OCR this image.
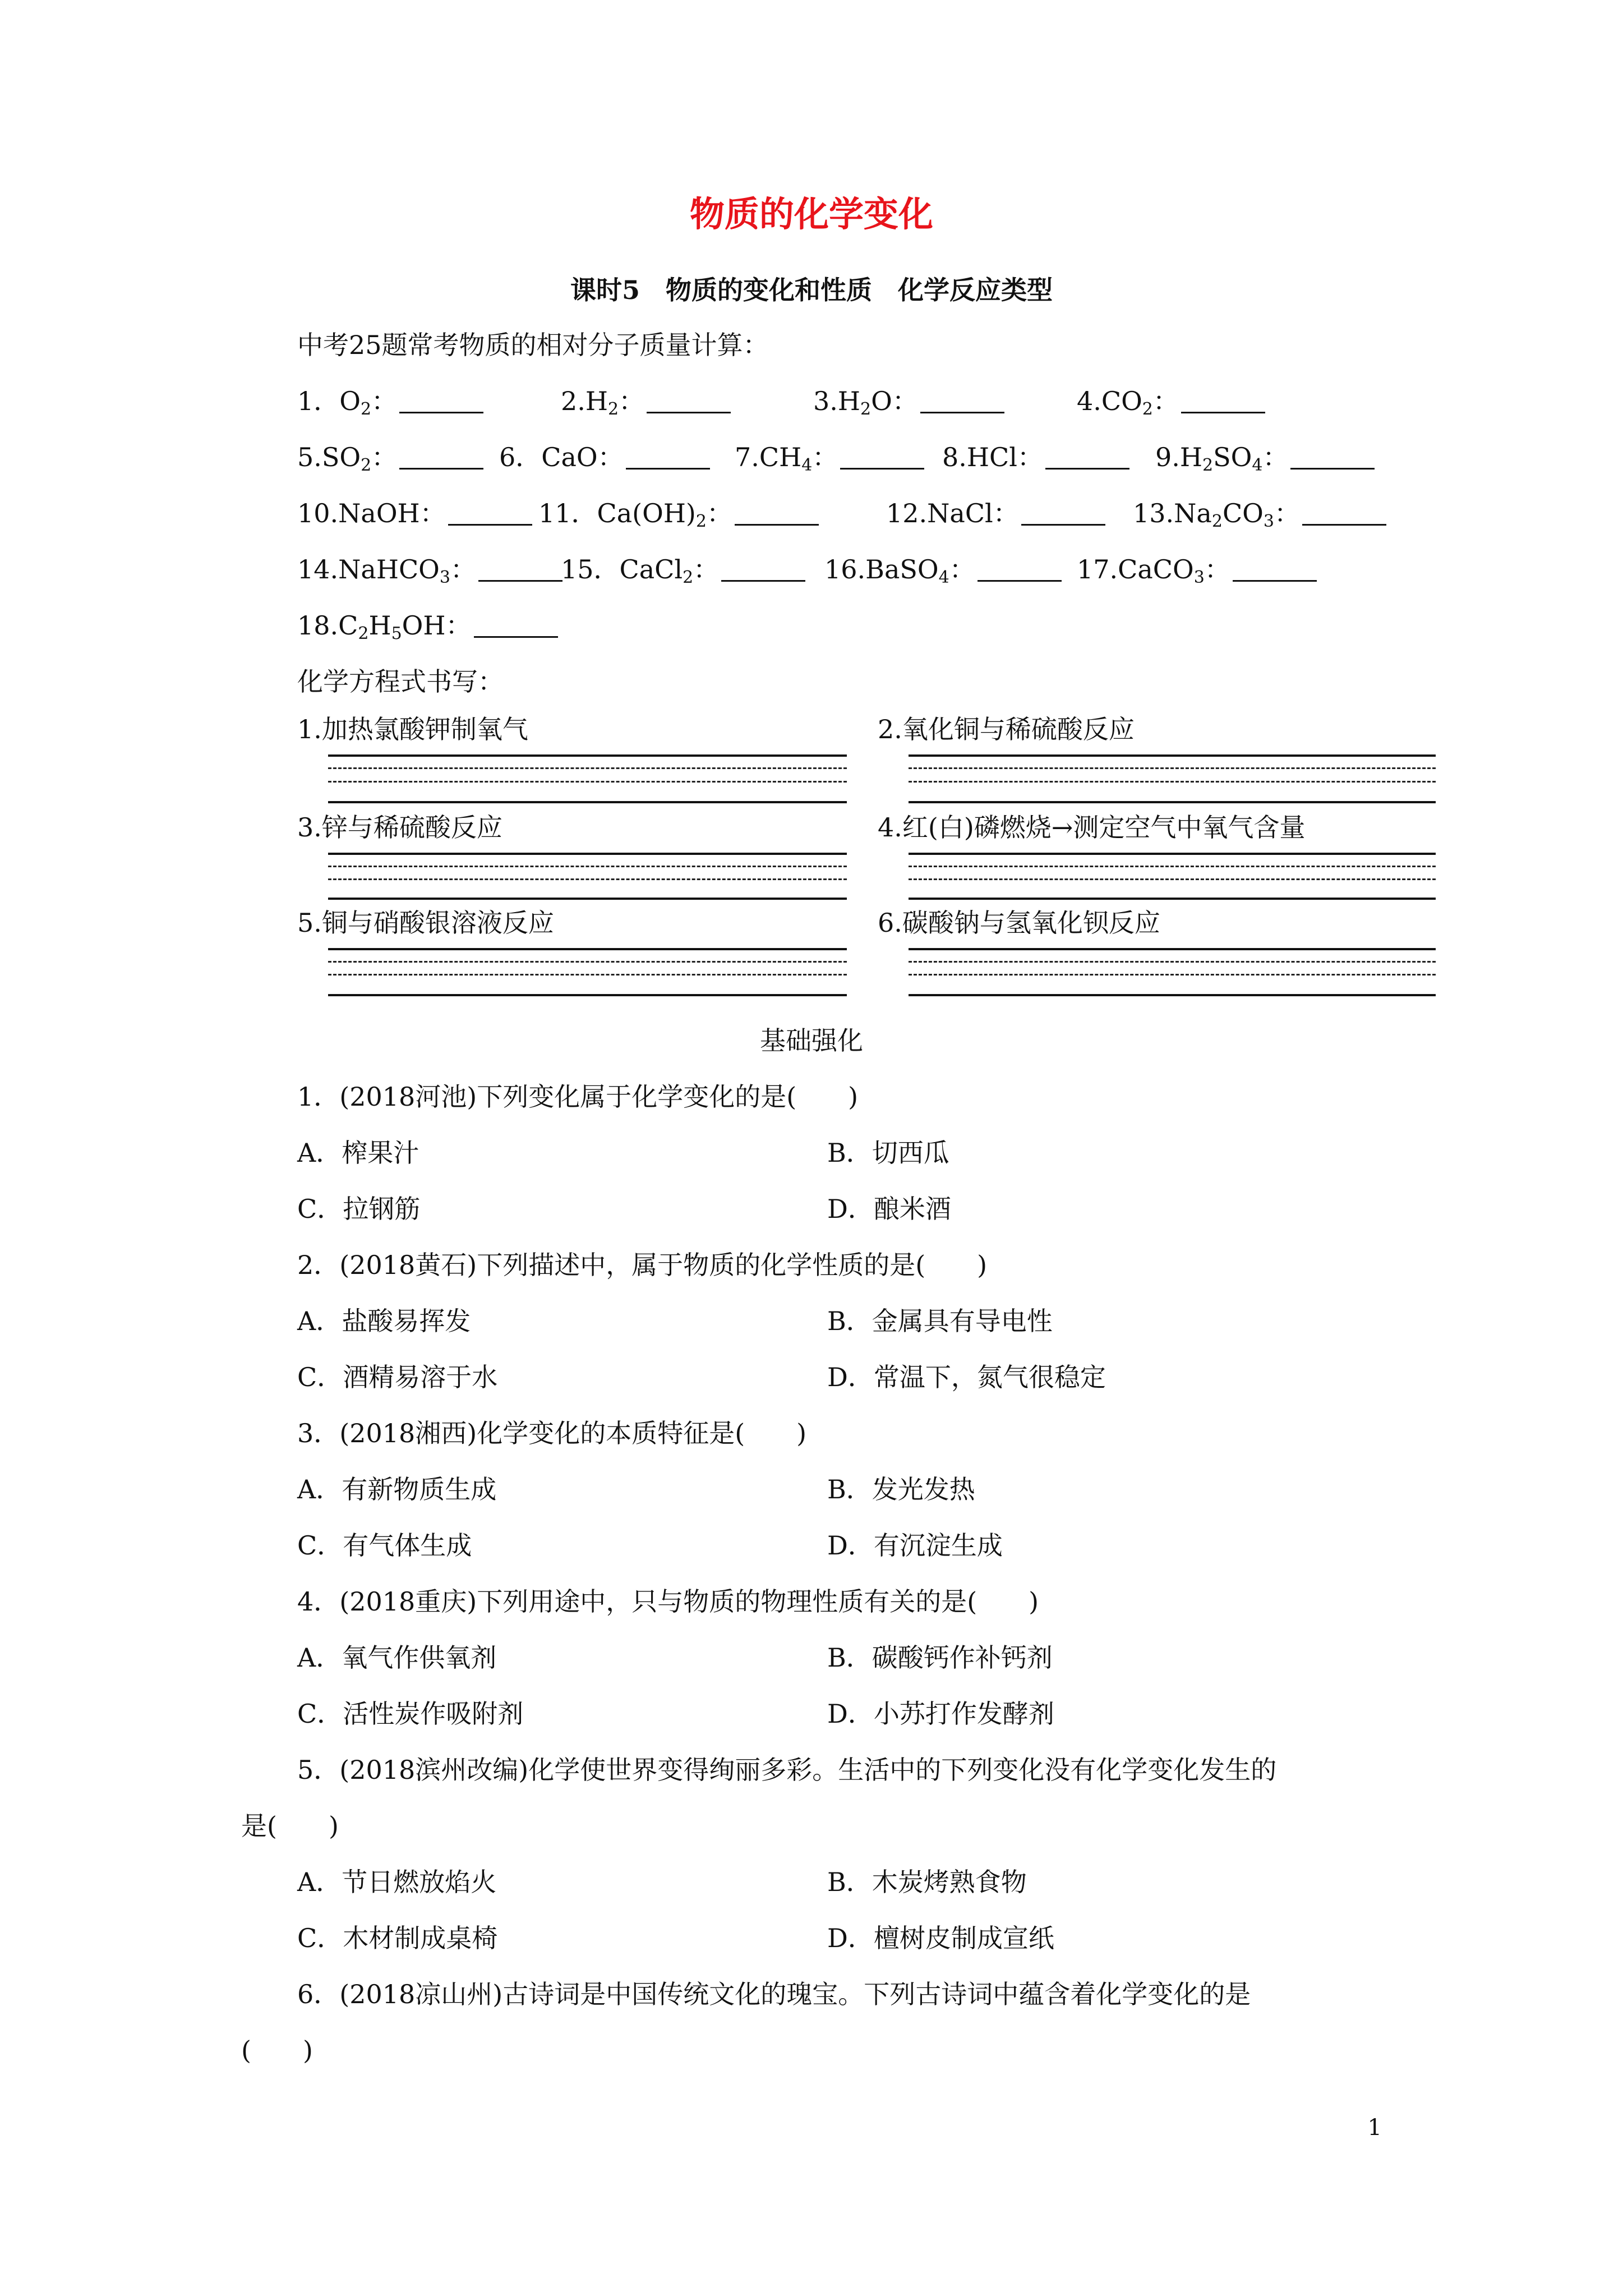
物质的化学变化
课时5　物质的变化和性质　化学反应类型
中考25题常考物质的相对分子质量计算：
1．$O_2$：	$2.H_2$：	$3.H_2O$：	$4.CO_2$：
$5.SO_2$：	6．CaO：	$7.CH_4$：	8.HCl：	$9.H_2SO_4$：
10.NaOH：	11．$Ca(OH)_2$：	12.NaCl：	$13.Na_2CO_3$：
14.NaHCO$_3$：	15．CaCl$_2$：	16.BaSO$_4$：	17.CaCO$_3$：
$18.C_2H_5OH$：
化学方程式书写：
1.加热氯酸钾制氧气	2.氧化铜与稀硫酸反应
3.锌与稀硫酸反应	4.红(白)磷燃烧→测定空气中氧气含量
5.铜与硝酸银溶液反应	6.碳酸钠与氢氧化钡反应
基础强化
1．(2018河池)下列变化属于化学变化的是(　　)
A．榨果汁	B．切西瓜
C．拉钢筋	D．酿米酒
2．(2018黄石)下列描述中，属于物质的化学性质的是(　　)
A．盐酸易挥发	B．金属具有导电性
C．酒精易溶于水	D．常温下，氮气很稳定
3．(2018湘西)化学变化的本质特征是(　　)
A．有新物质生成	B．发光发热
C．有气体生成	D．有沉淀生成
4．(2018重庆)下列用途中，只与物质的物理性质有关的是(　　)
A．氧气作供氧剂	B．碳酸钙作补钙剂
C．活性炭作吸附剂	D．小苏打作发酵剂
5．(2018滨州改编)化学使世界变得绚丽多彩。生活中的下列变化没有化学变化发生的
是(　　)
A．节日燃放焰火	B．木炭烤熟食物
C．木材制成桌椅	D．檀树皮制成宣纸
6．(2018凉山州)古诗词是中国传统文化的瑰宝。下列古诗词中蕴含着化学变化的是
(　　)
1
